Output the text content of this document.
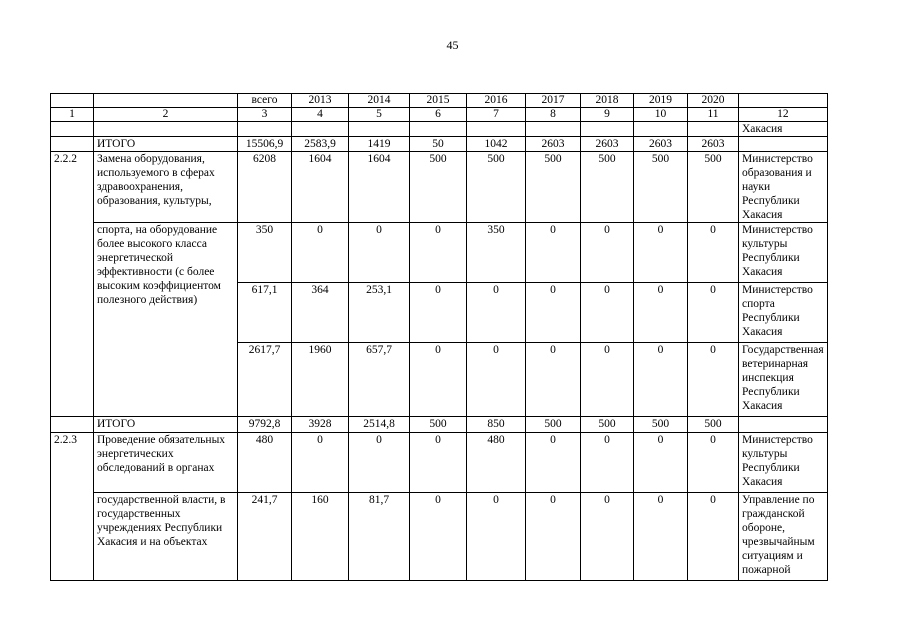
45
		всего	2013	2014	2015	2016	2017	2018	2019	2020	
1	2	3	4	5	6	7	8	9	10	11	12
											Хакасия
	ИТОГО	15506,9	2583,9	1419	50	1042	2603	2603	2603	2603	
2.2.2	Замена оборудования, используемого в сферах здравоохранения, образования, культуры,	6208	1604	1604	500	500	500	500	500	500	Министерство образования и науки Республики Хакасия
	спорта, на оборудование более высокого класса энергетической эффективности (с более высоким коэффициентом полезного действия)	350	0	0	0	350	0	0	0	0	Министерство культуры Республики Хакасия
		617,1	364	253,1	0	0	0	0	0	0	Министерство спорта Республики Хакасия
		2617,7	1960	657,7	0	0	0	0	0	0	Государственная ветеринарная инспекция Республики Хакасия
	ИТОГО	9792,8	3928	2514,8	500	850	500	500	500	500	
2.2.3	Проведение обязательных энергетических обследований в органах	480	0	0	0	480	0	0	0	0	Министерство культуры Республики Хакасия
	государственной власти, в государственных учреждениях Республики Хакасия и на объектах	241,7	160	81,7	0	0	0	0	0	0	Управление по гражданской обороне, чрезвычайным ситуациям и пожарной
